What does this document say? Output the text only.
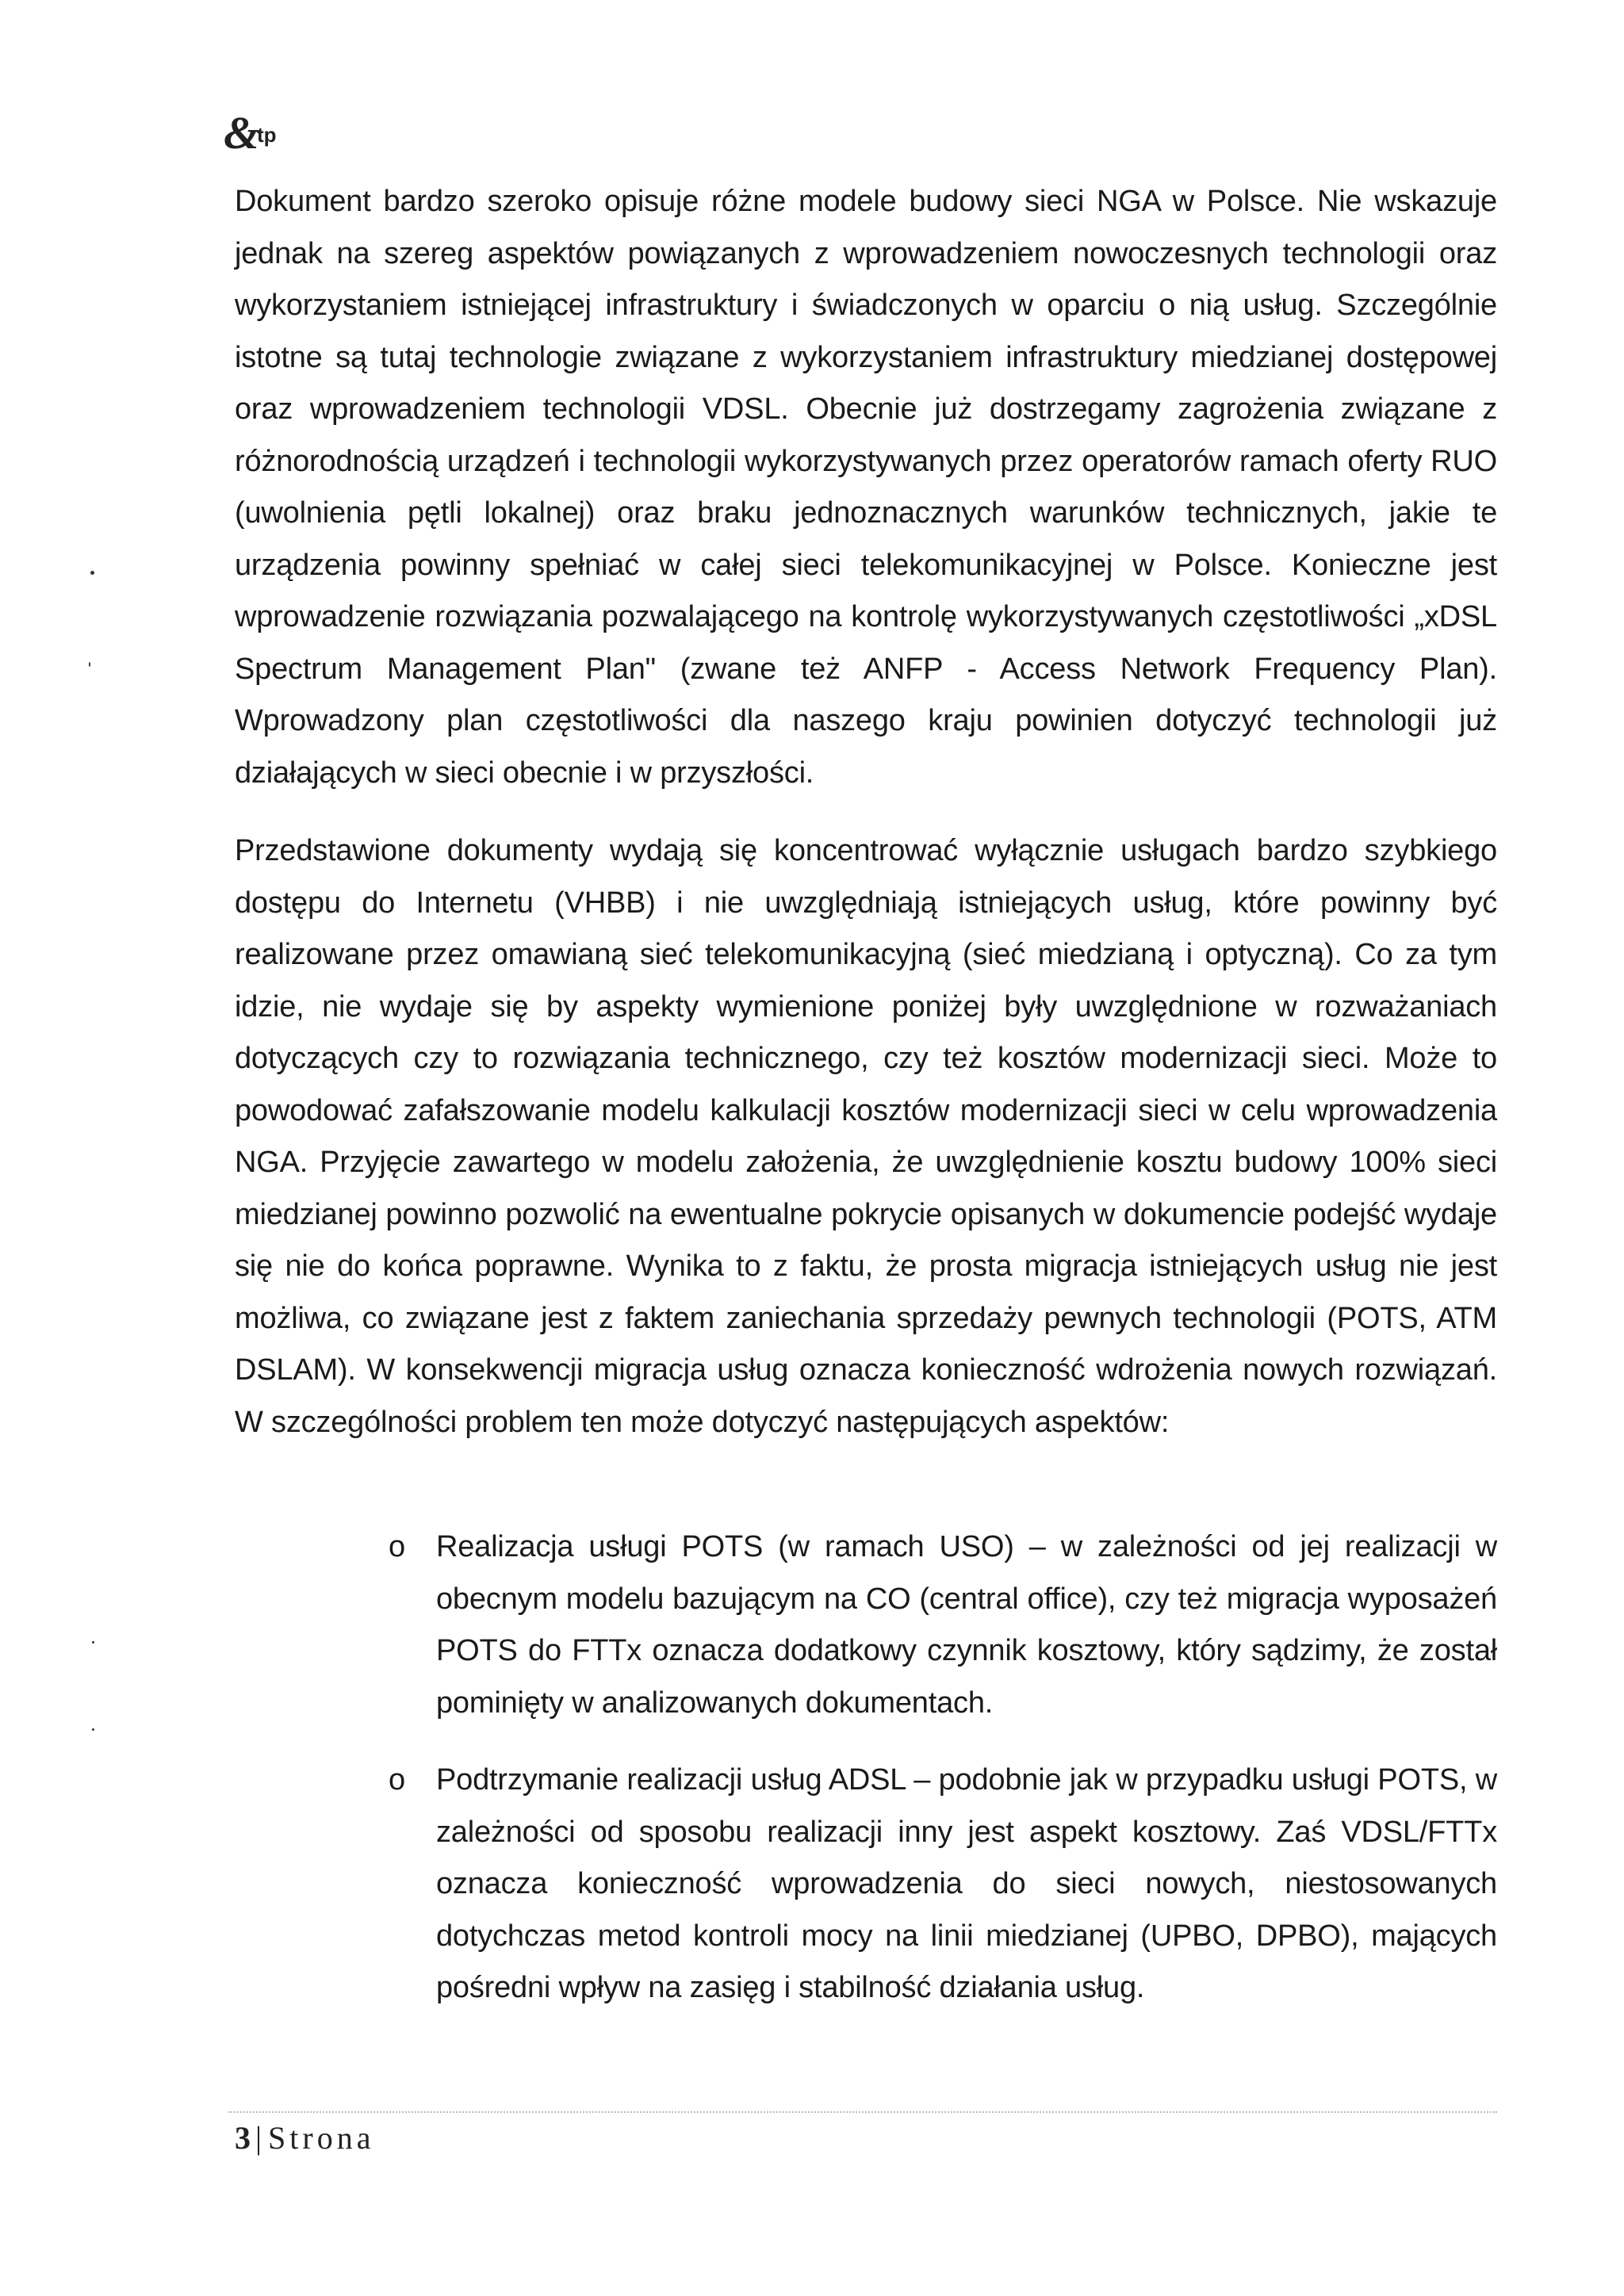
&
tp

Dokument bardzo szeroko opisuje różne modele budowy sieci NGA w Polsce. Nie wskazuje jednak na szereg aspektów powiązanych z wprowadzeniem nowoczesnych technologii oraz wykorzystaniem istniejącej infrastruktury i świadczonych w oparciu o nią usług. Szczególnie istotne są tutaj technologie związane z wykorzystaniem infrastruktury miedzianej dostępowej oraz wprowadzeniem technologii VDSL. Obecnie już dostrzegamy zagrożenia związane z różnorodnością urządzeń i technologii wykorzystywanych przez operatorów ramach oferty RUO (uwolnienia pętli lokalnej) oraz braku jednoznacznych warunków technicznych, jakie te urządzenia powinny spełniać w całej sieci telekomunikacyjnej w Polsce. Konieczne jest wprowadzenie rozwiązania pozwalającego na kontrolę wykorzystywanych częstotliwości „xDSL Spectrum Management Plan" (zwane też ANFP - Access Network Frequency Plan). Wprowadzony plan częstotliwości dla naszego kraju powinien dotyczyć technologii już działających w sieci obecnie i w przyszłości.

Przedstawione dokumenty wydają się koncentrować wyłącznie usługach bardzo szybkiego dostępu do Internetu (VHBB) i nie uwzględniają istniejących usług, które powinny być realizowane przez omawianą sieć telekomunikacyjną (sieć miedzianą i optyczną). Co za tym idzie, nie wydaje się by aspekty wymienione poniżej były uwzględnione w rozważaniach dotyczących czy to rozwiązania technicznego, czy też kosztów modernizacji sieci. Może to powodować zafałszowanie modelu kalkulacji kosztów modernizacji sieci w celu wprowadzenia NGA. Przyjęcie zawartego w modelu założenia, że uwzględnienie kosztu budowy 100% sieci miedzianej powinno pozwolić na ewentualne pokrycie opisanych w dokumencie podejść wydaje się nie do końca poprawne. Wynika to z faktu, że prosta migracja istniejących usług nie jest możliwa, co związane jest z faktem zaniechania sprzedaży pewnych technologii (POTS, ATM DSLAM). W konsekwencji migracja usług oznacza konieczność wdrożenia nowych rozwiązań. W szczególności problem ten może dotyczyć następujących aspektów:

o Realizacja usługi POTS (w ramach USO) – w zależności od jej realizacji w obecnym modelu bazującym na CO (central office), czy też migracja wyposażeń POTS do FTTx oznacza dodatkowy czynnik kosztowy, który sądzimy, że został pominięty w analizowanych dokumentach.

o Podtrzymanie realizacji usług ADSL – podobnie jak w przypadku usługi POTS, w zależności od sposobu realizacji inny jest aspekt kosztowy. Zaś VDSL/FTTx oznacza konieczność wprowadzenia do sieci nowych, niestosowanych dotychczas metod kontroli mocy na linii miedzianej (UPBO, DPBO), mających pośredni wpływ na zasięg i stabilność działania usług.

3 | Strona
